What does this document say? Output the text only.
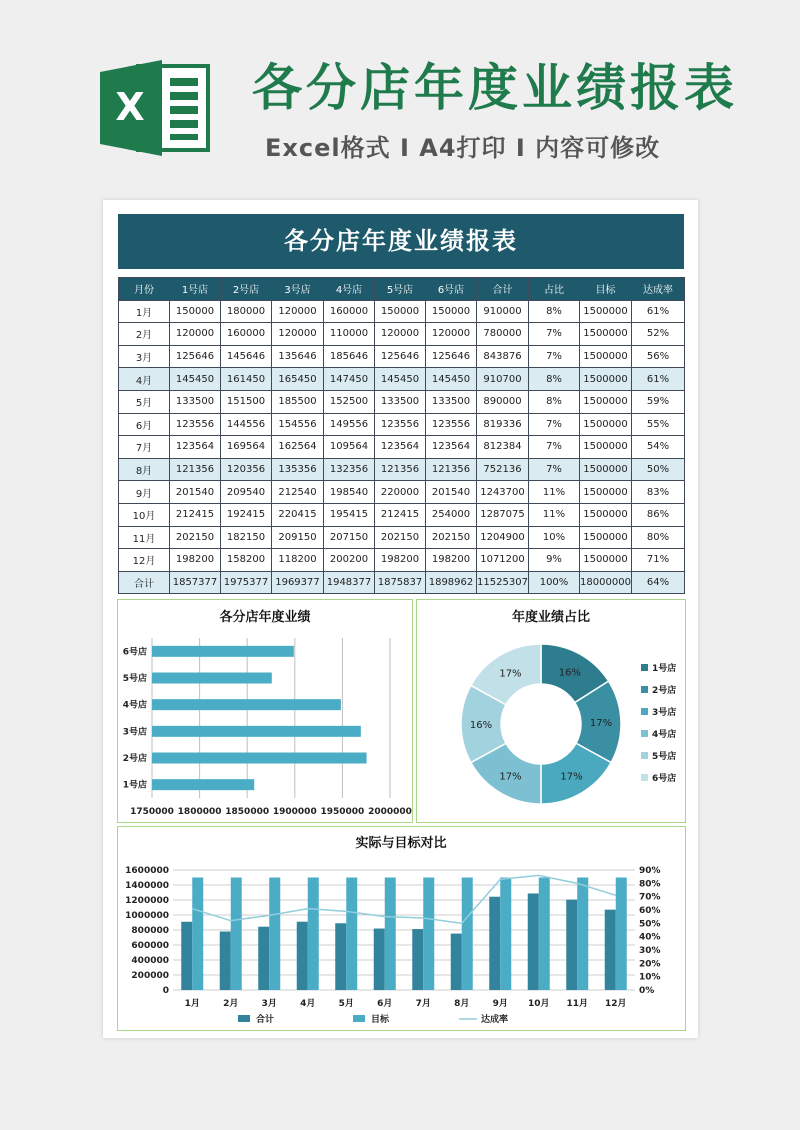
X 各分店年度业绩报表
Excel格式 I A4打印 I 内容可修改
各分店年度业绩报表
月份	1号店	2号店	3号店	4号店	5号店	6号店	合计	占比	目标	达成率
1月	150000	180000	120000	160000	150000	150000	910000	8%	1500000	61%
2月	120000	160000	120000	110000	120000	120000	780000	7%	1500000	52%
3月	125646	145646	135646	185646	125646	125646	843876	7%	1500000	56%
4月	145450	161450	165450	147450	145450	145450	910700	8%	1500000	61%
5月	133500	151500	185500	152500	133500	133500	890000	8%	1500000	59%
6月	123556	144556	154556	149556	123556	123556	819336	7%	1500000	55%
7月	123564	169564	162564	109564	123564	123564	812384	7%	1500000	54%
8月	121356	120356	135356	132356	121356	121356	752136	7%	1500000	50%
9月	201540	209540	212540	198540	220000	201540	1243700	11%	1500000	83%
10月	212415	192415	220415	195415	212415	254000	1287075	11%	1500000	86%
11月	202150	182150	209150	207150	202150	202150	1204900	10%	1500000	80%
12月	198200	158200	118200	200200	198200	198200	1071200	9%	1500000	71%
合计	1857377	1975377	1969377	1948377	1875837	1898962	11525307	100%	18000000	64%
各分店年度业绩
1750000 1800000 1850000 1900000 1950000 2000000
1号店
2号店
3号店
4号店
5号店
6号店
年度业绩占比
16%
17%
17%
17%
16%
17%	1号店
2号店
3号店
4号店
5号店
6号店
实际与目标对比
0
200000
400000
600000
800000
1000000
1200000
1400000
1600000
0%
10%
20%
30%
40%
50%
60%
70%
80%
90%
1月	2月	3月	4月	5月	6月	7月	8月	9月 10月 11月 12月
合计	目标	达成率
